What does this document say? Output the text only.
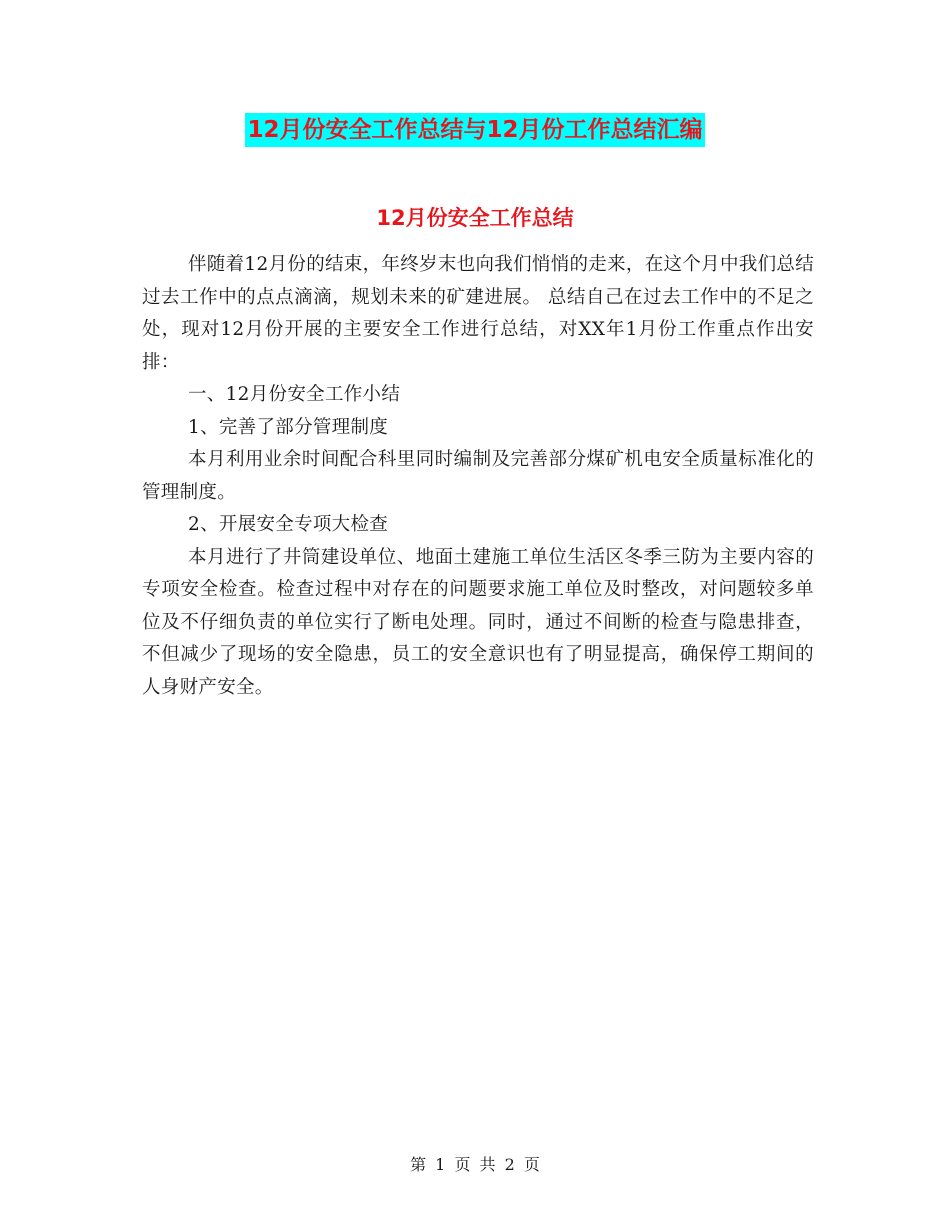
12月份安全工作总结与12月份工作总结汇编
12月份安全工作总结

伴随着12月份的结束，年终岁末也向我们悄悄的走来，在这个月中我们总结过去工作中的点点滴滴，规划未来的矿建进展。 总结自己在过去工作中的不足之处，现对12月份开展的主要安全工作进行总结，对XX年1月份工作重点作出安排：

一、12月份安全工作小结

1、完善了部分管理制度

本月利用业余时间配合科里同时编制及完善部分煤矿机电安全质量标准化的管理制度。

2、开展安全专项大检查

本月进行了井筒建设单位、地面土建施工单位生活区冬季三防为主要内容的专项安全检查。检查过程中对存在的问题要求施工单位及时整改，对问题较多单位及不仔细负责的单位实行了断电处理。同时，通过不间断的检查与隐患排查，不但减少了现场的安全隐患，员工的安全意识也有了明显提高，确保停工期间的人身财产安全。

第 1 页 共 2 页
